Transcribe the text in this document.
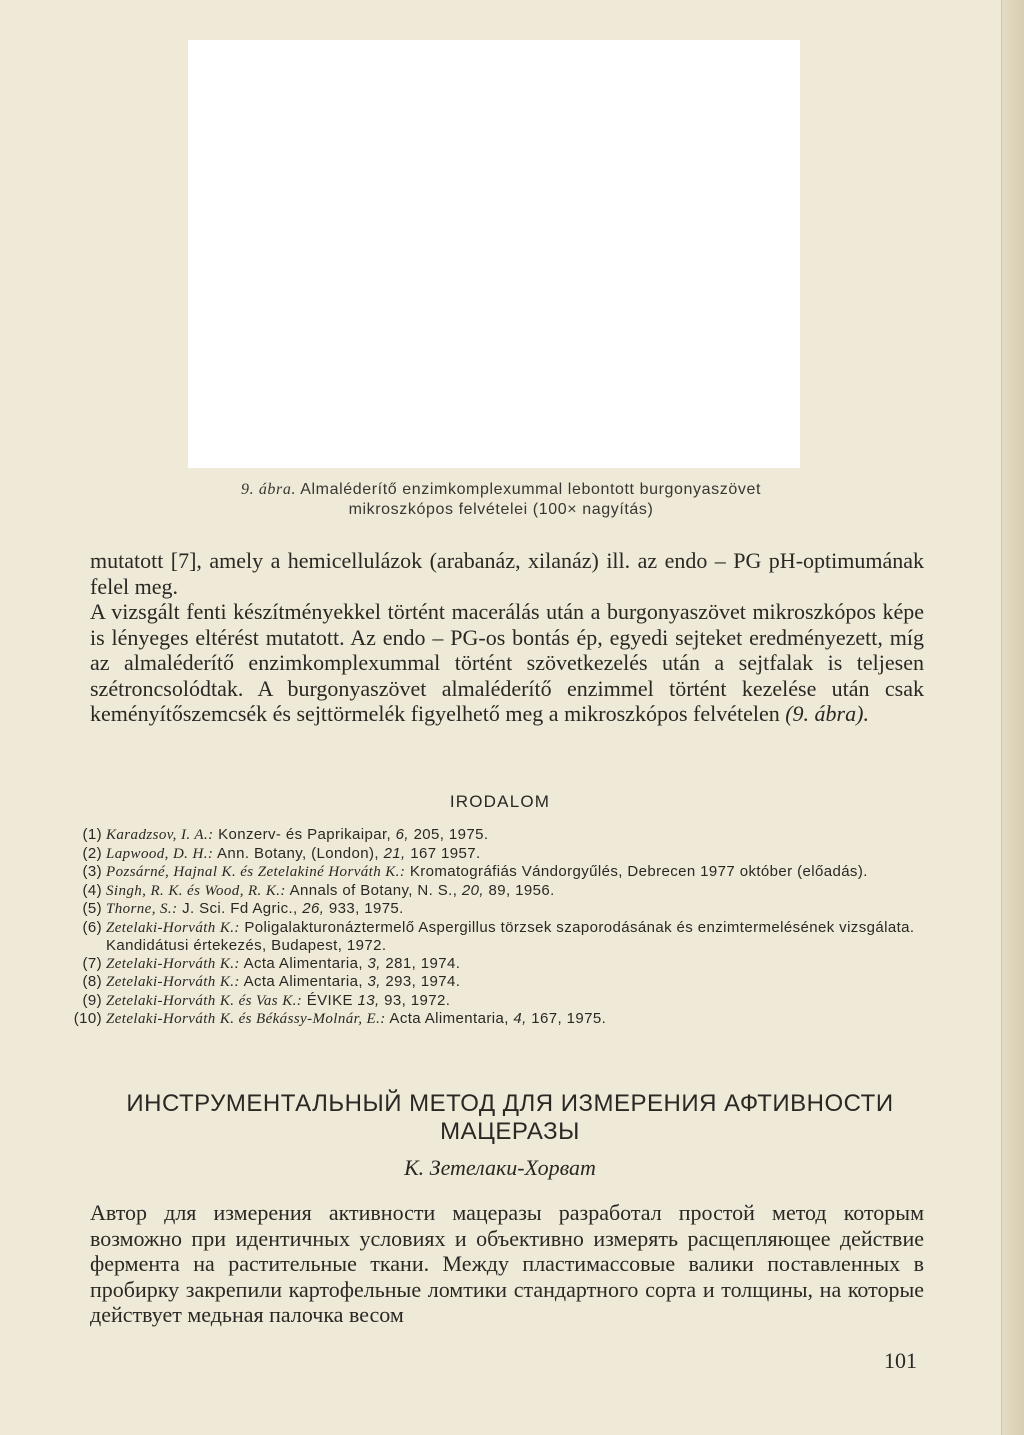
9. ábra. Almaléderítő enzimkomplexummal lebontott burgonyaszövet
mikroszkópos felvételei (100× nagyítás)

mutatott [7], amely a hemicellulázok (arabanáz, xilanáz) ill. az endo – PG pH-optimumának felel meg.

A vizsgált fenti készítményekkel történt macerálás után a burgonyaszövet mikroszkópos képe is lényeges eltérést mutatott. Az endo – PG-os bontás ép, egyedi sejteket eredményezett, míg az almaléderítő enzimkomplexummal történt szövetkezelés után a sejtfalak is teljesen szétroncsolódtak. A burgonyaszövet almaléderítő enzimmel történt kezelése után csak keményítőszemcsék és sejttörmelék figyelhető meg a mikroszkópos felvételen (9. ábra).

IRODALOM
(1) Karadzsov, I. A.: Konzerv- és Paprikaipar, 6, 205, 1975.
(2) Lapwood, D. H.: Ann. Botany, (London), 21, 167 1957.
(3) Pozsárné, Hajnal K. és Zetelakiné Horváth K.: Kromatográfiás Vándorgyűlés, Debrecen 1977 október (előadás).
(4) Singh, R. K. és Wood, R. K.: Annals of Botany, N. S., 20, 89, 1956.
(5) Thorne, S.: J. Sci. Fd Agric., 26, 933, 1975.
(6) Zetelaki-Horváth K.: Poligalakturonáztermelő Aspergillus törzsek szaporodásának és enzimtermelésének vizsgálata. Kandidátusi értekezés, Budapest, 1972.
(7) Zetelaki-Horváth K.: Acta Alimentaria, 3, 281, 1974.
(8) Zetelaki-Horváth K.: Acta Alimentaria, 3, 293, 1974.
(9) Zetelaki-Horváth K. és Vas K.: ÉVIKE 13, 93, 1972.
(10) Zetelaki-Horváth K. és Békássy-Molnár, E.: Acta Alimentaria, 4, 167, 1975.
ИНСТРУМЕНТАЛЬНЫЙ МЕТОД ДЛЯ ИЗМЕРЕНИЯ АФТИВНОСТИ
МАЦЕРАЗЫ
К. Зетелаки-Хорват
Автор для измерения активности мацеразы разработал простой метод которым возможно при идентичных условиях и объективно измерять расщепляющее действие фермента на растительные ткани. Между пластимассовые валики поставленных в пробирку закрепили картофельные ломтики стандартного сорта и толщины, на которые действует медьная палочка весом
101
